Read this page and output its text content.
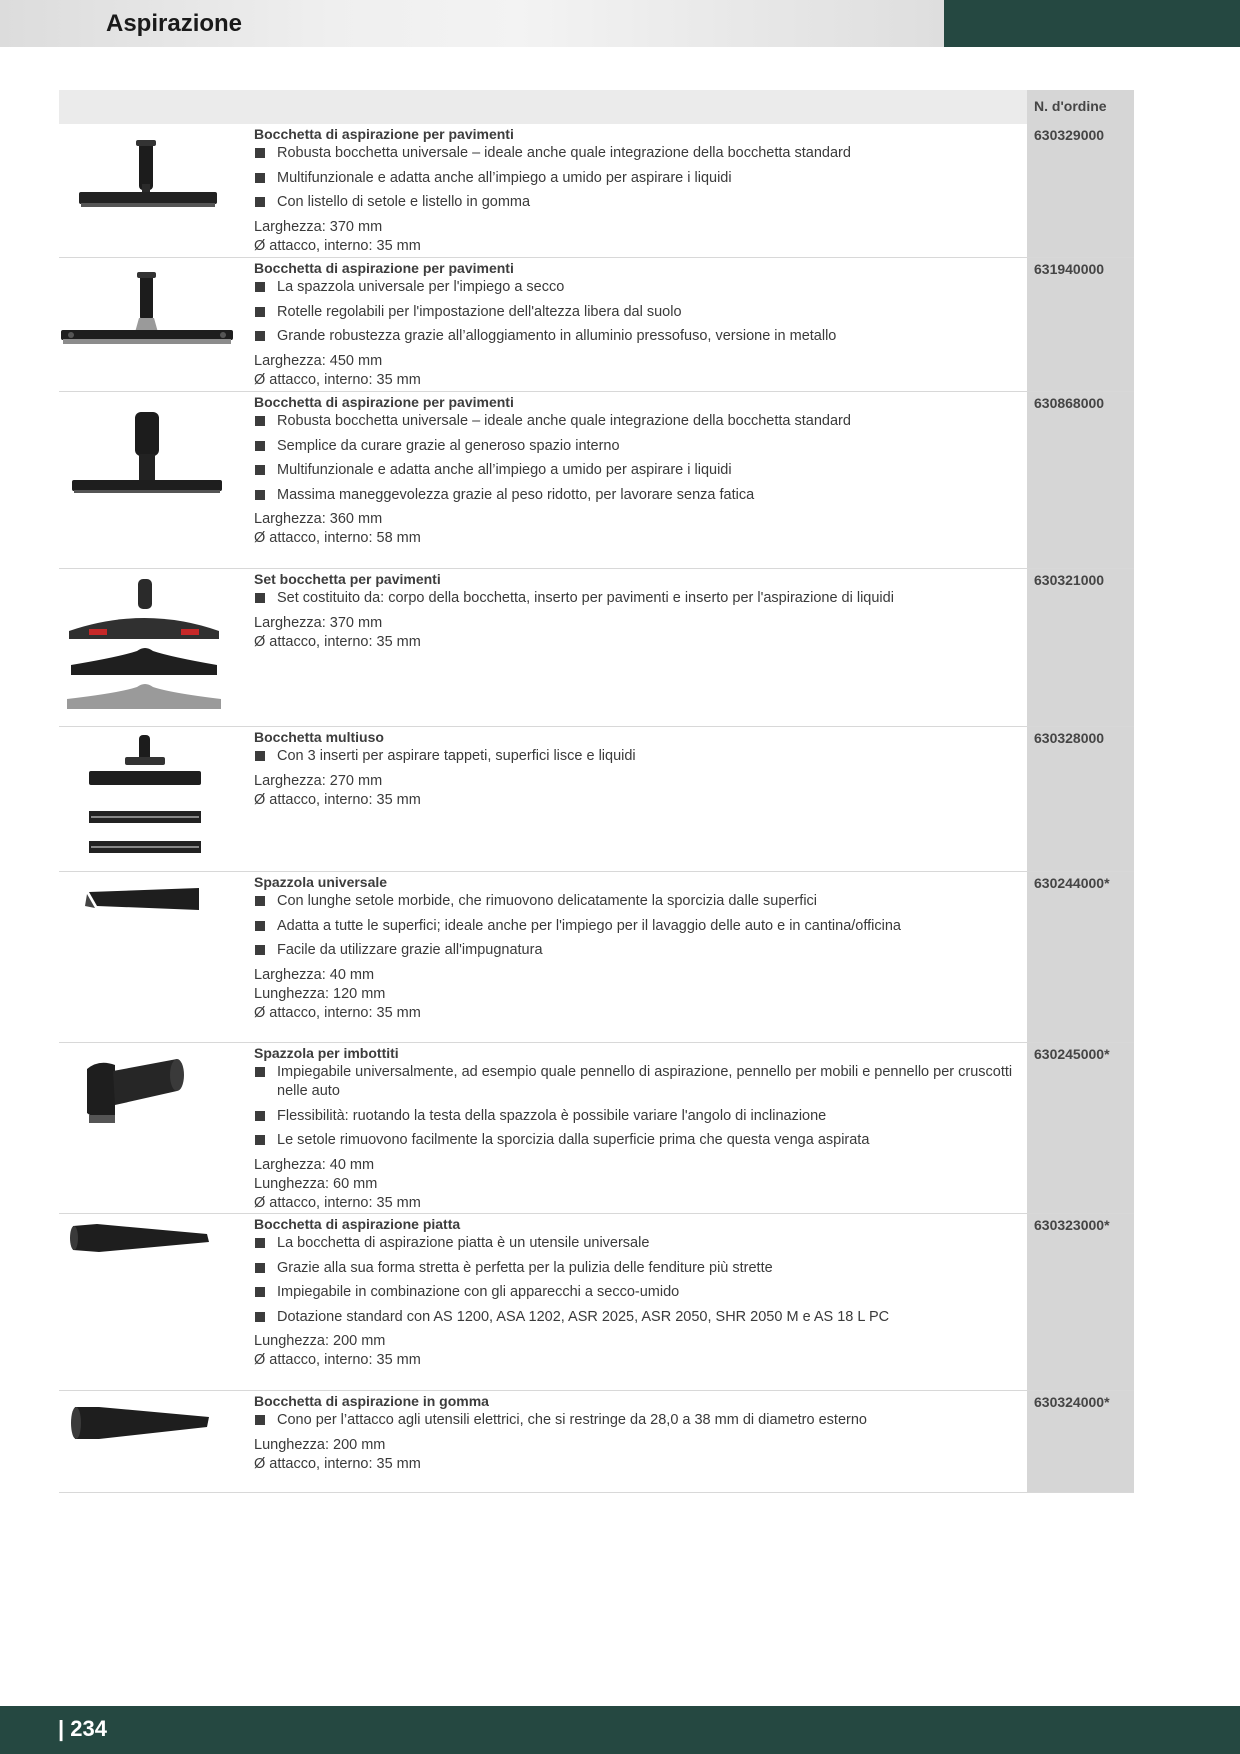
Aspirazione
N. d'ordine
Bocchetta di aspirazione per pavimenti
Robusta bocchetta universale – ideale anche quale integrazione della bocchetta standard
Multifunzionale e adatta anche all’impiego a umido per aspirare i liquidi
Con listello di setole e listello in gomma
Larghezza: 370 mm
Ø attacco, interno: 35 mm
630329000
Bocchetta di aspirazione per pavimenti
La spazzola universale per l'impiego a secco
Rotelle regolabili per l'impostazione dell'altezza libera dal suolo
Grande robustezza grazie all’alloggiamento in alluminio pressofuso, versione in metallo
Larghezza: 450 mm
Ø attacco, interno: 35 mm
631940000
Bocchetta di aspirazione per pavimenti
Robusta bocchetta universale – ideale anche quale integrazione della bocchetta standard
Semplice da curare grazie al generoso spazio interno
Multifunzionale e adatta anche all’impiego a umido per aspirare i liquidi
Massima maneggevolezza grazie al peso ridotto, per lavorare senza fatica
Larghezza: 360 mm
Ø attacco, interno: 58 mm
630868000
Set bocchetta per pavimenti
Set costituito da: corpo della bocchetta, inserto per pavimenti e inserto per l'aspirazione di liquidi
Larghezza: 370 mm
Ø attacco, interno: 35 mm
630321000
Bocchetta multiuso
Con 3 inserti per aspirare tappeti, superfici lisce e liquidi
Larghezza: 270 mm
Ø attacco, interno: 35 mm
630328000
Spazzola universale
Con lunghe setole morbide, che rimuovono delicatamente la sporcizia dalle superfici
Adatta a tutte le superfici; ideale anche per l'impiego per il lavaggio delle auto e in cantina/officina
Facile da utilizzare grazie all'impugnatura
Larghezza: 40 mm
Lunghezza: 120 mm
Ø attacco, interno: 35 mm
630244000*
Spazzola per imbottiti
Impiegabile universalmente, ad esempio quale pennello di aspirazione, pennello per mobili e pennello per cruscotti nelle auto
Flessibilità: ruotando la testa della spazzola è possibile variare l'angolo di inclinazione
Le setole rimuovono facilmente la sporcizia dalla superficie prima che questa venga aspirata
Larghezza: 40 mm
Lunghezza: 60 mm
Ø attacco, interno: 35 mm
630245000*
Bocchetta di aspirazione piatta
La bocchetta di aspirazione piatta è un utensile universale
Grazie alla sua forma stretta è perfetta per la pulizia delle fenditure più strette
Impiegabile in combinazione con gli apparecchi a secco-umido
Dotazione standard con AS 1200, ASA 1202, ASR 2025, ASR 2050, SHR 2050 M e AS 18 L PC
Lunghezza: 200 mm
Ø attacco, interno: 35 mm
630323000*
Bocchetta di aspirazione in gomma
Cono per l’attacco agli utensili elettrici, che si restringe da 28,0 a 38 mm di diametro esterno
Lunghezza: 200 mm
Ø attacco, interno: 35 mm
630324000*
| 234
